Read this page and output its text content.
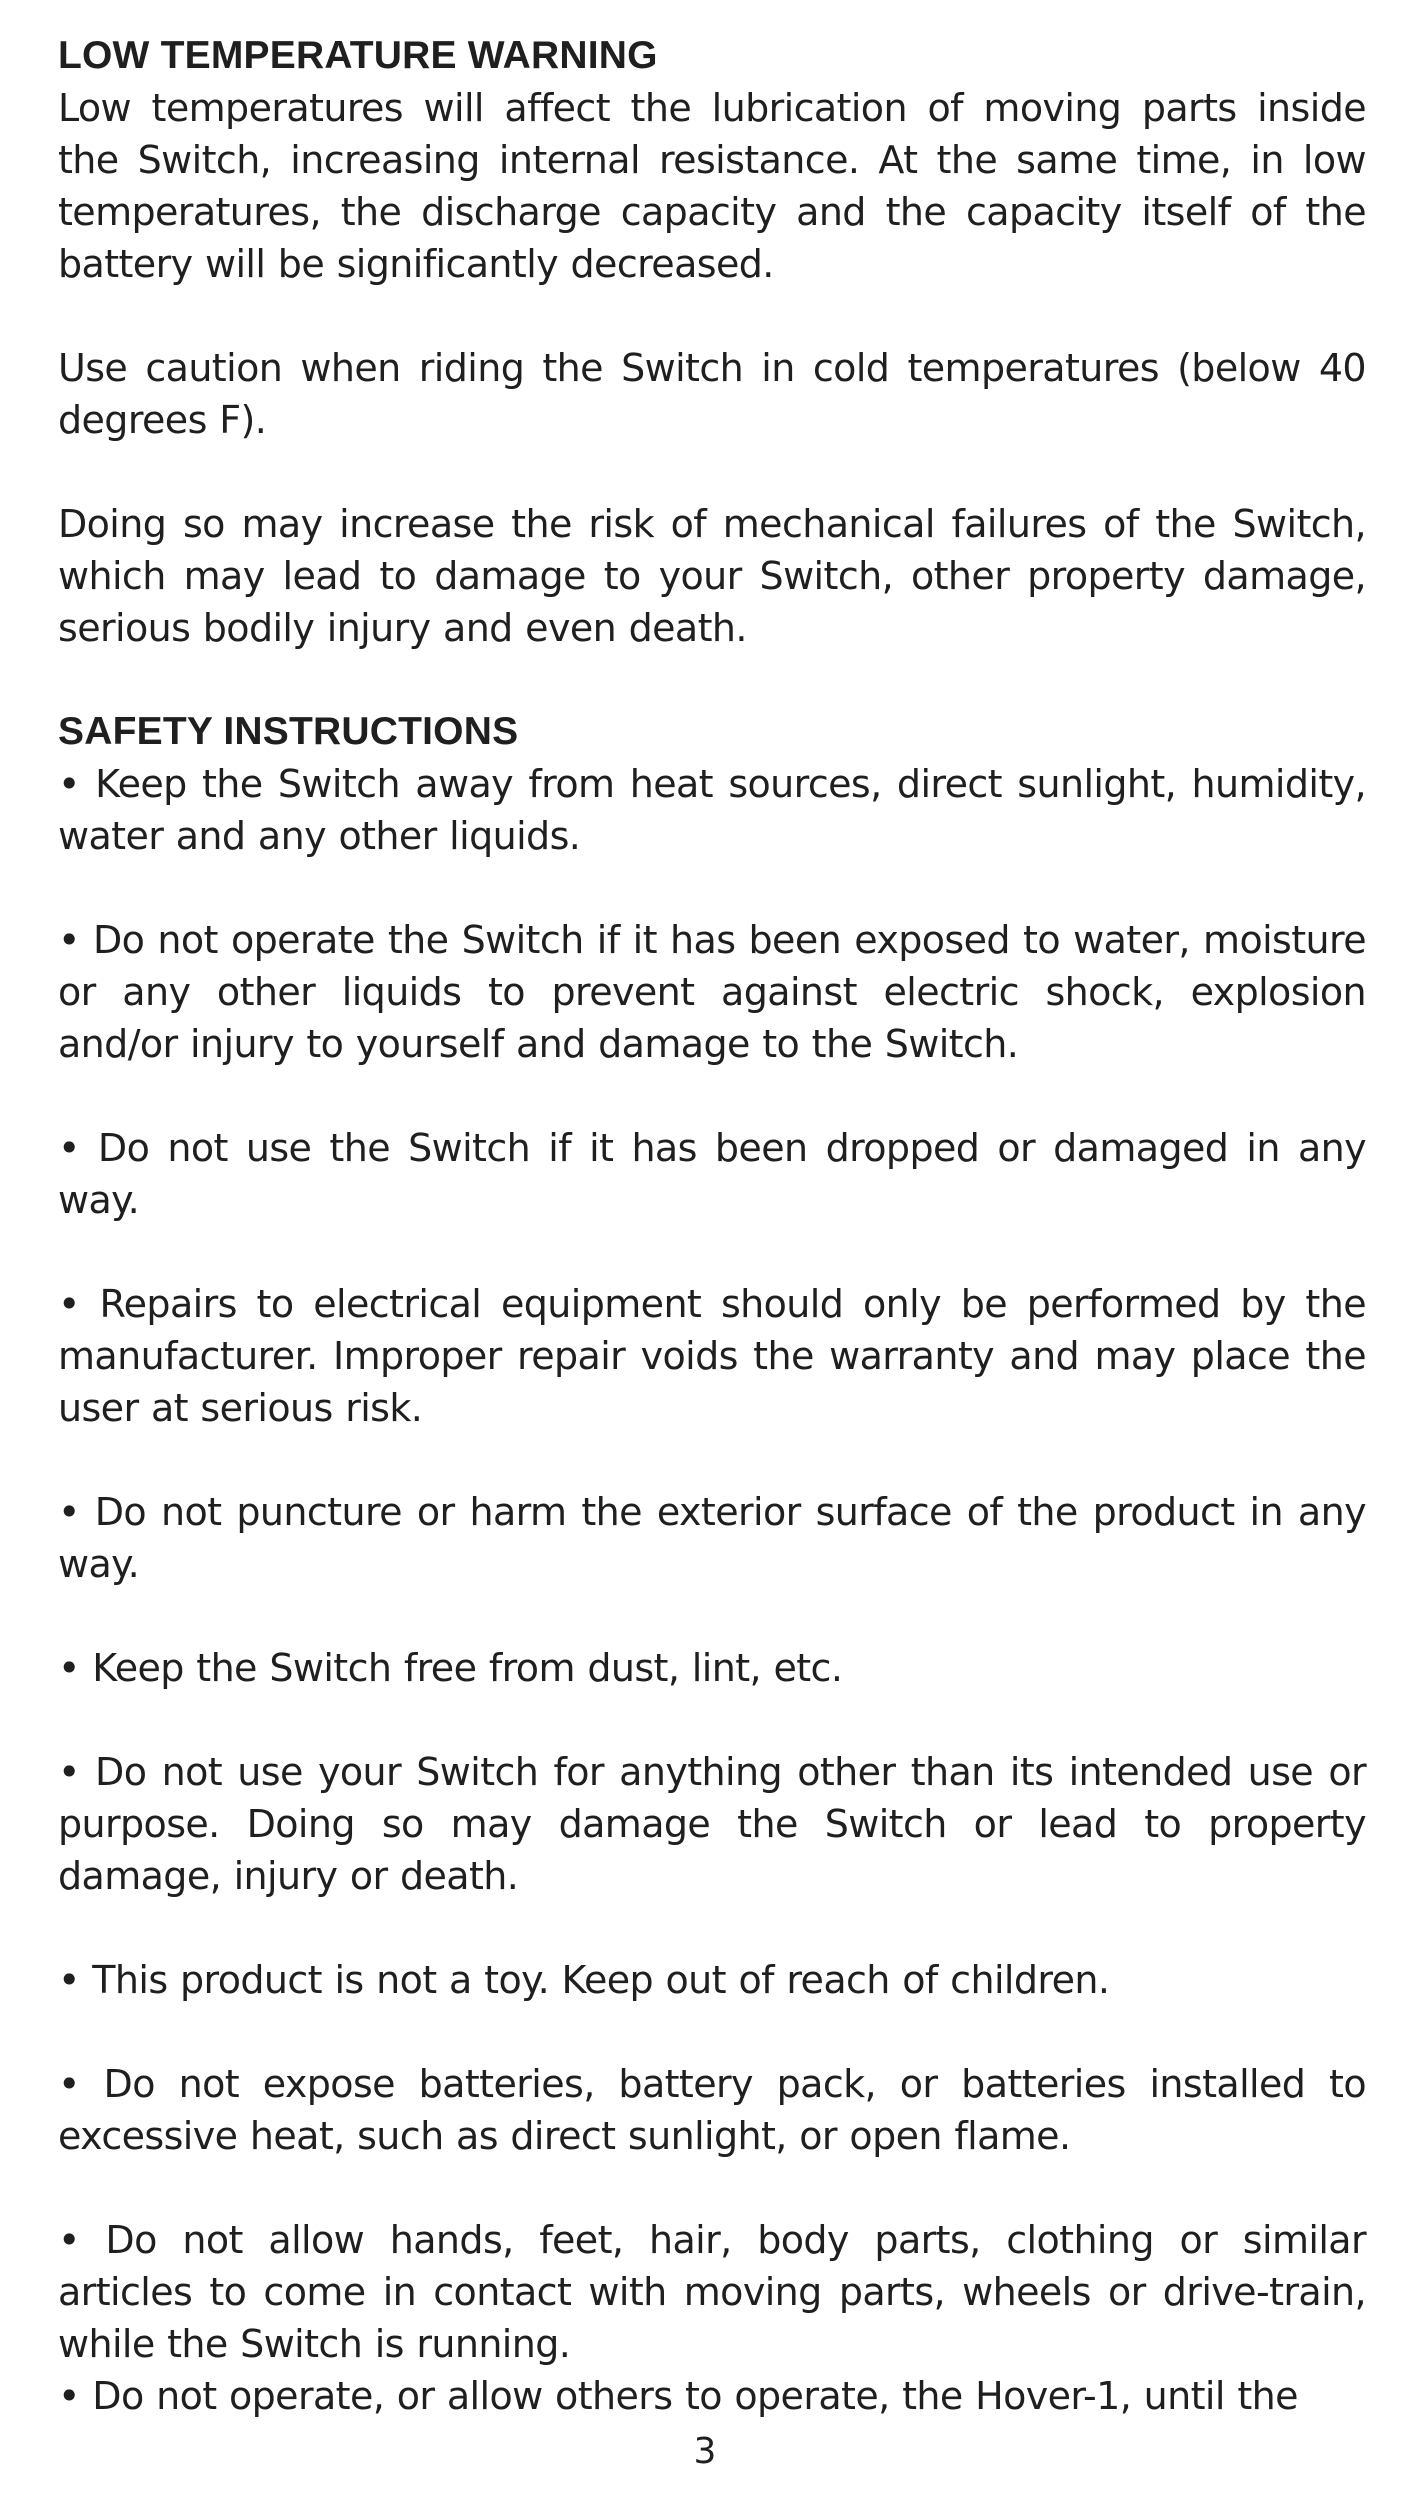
LOW TEMPERATURE WARNING

Low temperatures will affect the lubrication of moving parts inside the Switch, increasing internal resistance. At the same time, in low temperatures, the discharge capacity and the capacity itself of the battery will be significantly decreased.

Use caution when riding the Switch in cold temperatures (below 40 degrees F).

Doing so may increase the risk of mechanical failures of the Switch, which may lead to damage to your Switch, other property damage, serious bodily injury and even death.

SAFETY INSTRUCTIONS

• Keep the Switch away from heat sources, direct sunlight, humidity, water and any other liquids.

• Do not operate the Switch if it has been exposed to water, moisture or any other liquids to prevent against electric shock, explosion and/or injury to yourself and damage to the Switch.

• Do not use the Switch if it has been dropped or damaged in any way.

• Repairs to electrical equipment should only be performed by the manufacturer. Improper repair voids the warranty and may place the user at serious risk.

• Do not puncture or harm the exterior surface of the product in any way.

• Keep the Switch free from dust, lint, etc.

• Do not use your Switch for anything other than its intended use or purpose. Doing so may damage the Switch or lead to property damage, injury or death.

• This product is not a toy. Keep out of reach of children.

• Do not expose batteries, battery pack, or batteries installed to excessive heat, such as direct sunlight, or open flame.

• Do not allow hands, feet, hair, body parts, clothing or similar articles to come in contact with moving parts, wheels or drive-train, while the Switch is running.

• Do not operate, or allow others to operate, the Hover-1, until the

3
